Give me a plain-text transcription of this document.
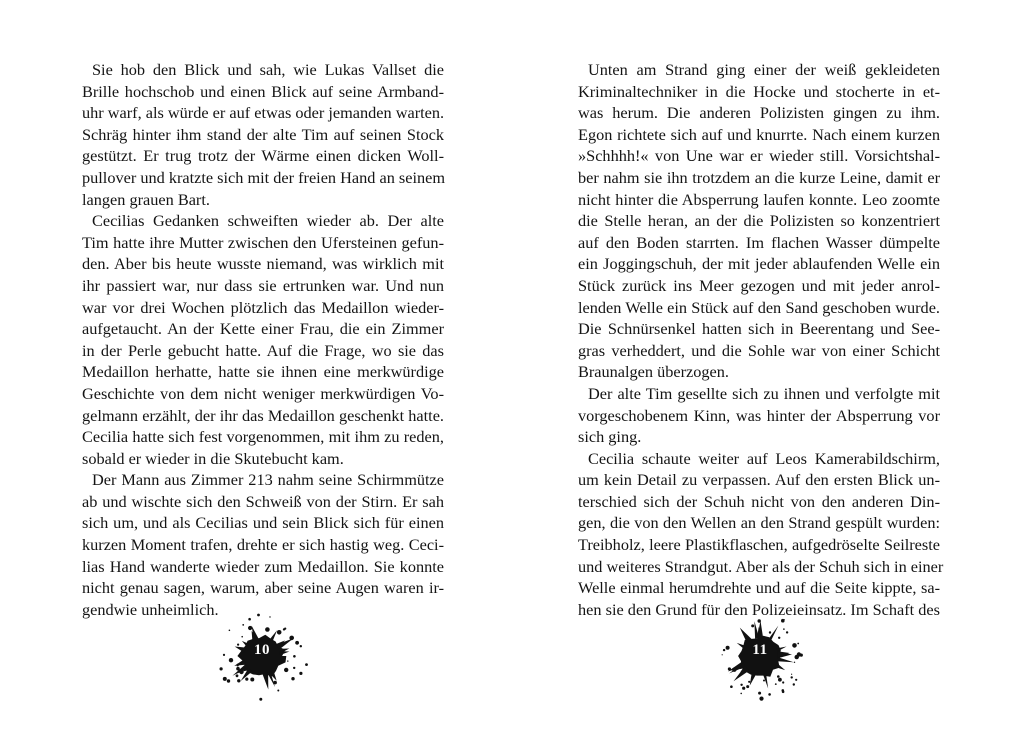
Sie hob den Blick und sah, wie Lukas Vallset die
Brille hochschob und einen Blick auf seine Armband-
uhr warf, als würde er auf etwas oder jemanden warten.
Schräg hinter ihm stand der alte Tim auf seinen Stock
gestützt. Er trug trotz der Wärme einen dicken Woll-
pullover und kratzte sich mit der freien Hand an seinem
langen grauen Bart.
Cecilias Gedanken schweiften wieder ab. Der alte
Tim hatte ihre Mutter zwischen den Ufersteinen gefun-
den. Aber bis heute wusste niemand, was wirklich mit
ihr passiert war, nur dass sie ertrunken war. Und nun
war vor drei Wochen plötzlich das Medaillon wieder-
aufgetaucht. An der Kette einer Frau, die ein Zimmer
in der Perle gebucht hatte. Auf die Frage, wo sie das
Medaillon herhatte, hatte sie ihnen eine merkwürdige
Geschichte von dem nicht weniger merkwürdigen Vo-
gelmann erzählt, der ihr das Medaillon geschenkt hatte.
Cecilia hatte sich fest vorgenommen, mit ihm zu reden,
sobald er wieder in die Skutebucht kam.
Der Mann aus Zimmer 213 nahm seine Schirmmütze
ab und wischte sich den Schweiß von der Stirn. Er sah
sich um, und als Cecilias und sein Blick sich für einen
kurzen Moment trafen, drehte er sich hastig weg. Ceci-
lias Hand wanderte wieder zum Medaillon. Sie konnte
nicht genau sagen, warum, aber seine Augen waren ir-
gendwie unheimlich.
10
Unten am Strand ging einer der weiß gekleideten
Kriminaltechniker in die Hocke und stocherte in et-
was herum. Die anderen Polizisten gingen zu ihm.
Egon richtete sich auf und knurrte. Nach einem kurzen
»Schhhh!« von Une war er wieder still. Vorsichtshal-
ber nahm sie ihn trotzdem an die kurze Leine, damit er
nicht hinter die Absperrung laufen konnte. Leo zoomte
die Stelle heran, an der die Polizisten so konzentriert
auf den Boden starrten. Im flachen Wasser dümpelte
ein Joggingschuh, der mit jeder ablaufenden Welle ein
Stück zurück ins Meer gezogen und mit jeder anrol-
lenden Welle ein Stück auf den Sand geschoben wurde.
Die Schnürsenkel hatten sich in Beerentang und See-
gras verheddert, und die Sohle war von einer Schicht
Braunalgen überzogen.
Der alte Tim gesellte sich zu ihnen und verfolgte mit
vorgeschobenem Kinn, was hinter der Absperrung vor
sich ging.
Cecilia schaute weiter auf Leos Kamerabildschirm,
um kein Detail zu verpassen. Auf den ersten Blick un-
terschied sich der Schuh nicht von den anderen Din-
gen, die von den Wellen an den Strand gespült wurden:
Treibholz, leere Plastikflaschen, aufgedröselte Seilreste
und weiteres Strandgut. Aber als der Schuh sich in einer
Welle einmal herumdrehte und auf die Seite kippte, sa-
hen sie den Grund für den Polizeieinsatz. Im Schaft des
11
